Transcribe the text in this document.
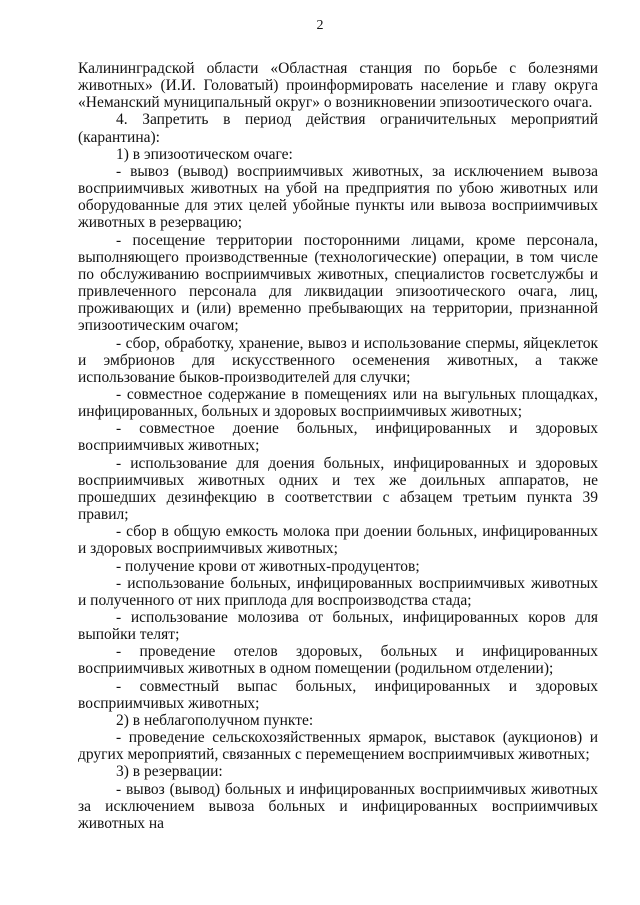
2

Калининградской области «Областная станция по борьбе с болезнями животных» (И.И. Головатый) проинформировать население и главу округа «Неманский муниципальный округ» о возникновении эпизоотического очага.

4. Запретить в период действия ограничительных мероприятий (карантина):

1) в эпизоотическом очаге:

- вывоз (вывод) восприимчивых животных, за исключением вывоза восприимчивых животных на убой на предприятия по убою животных или оборудованные для этих целей убойные пункты или вывоза восприимчивых животных в резервацию;

- посещение территории посторонними лицами, кроме персонала, выполняющего производственные (технологические) операции, в том числе по обслуживанию восприимчивых животных, специалистов госветслужбы и привлеченного персонала для ликвидации эпизоотического очага, лиц, проживающих и (или) временно пребывающих на территории, признанной эпизоотическим очагом;

- сбор, обработку, хранение, вывоз и использование спермы, яйцеклеток и эмбрионов для искусственного осеменения животных, а также использование быков-производителей для случки;

- совместное содержание в помещениях или на выгульных площадках, инфицированных, больных и здоровых восприимчивых животных;

- совместное доение больных, инфицированных и здоровых восприимчивых животных;

- использование для доения больных, инфицированных и здоровых восприимчивых животных одних и тех же доильных аппаратов, не прошедших дезинфекцию в соответствии с абзацем третьим пункта 39 правил;

- сбор в общую емкость молока при доении больных, инфицированных и здоровых восприимчивых животных;

- получение крови от животных-продуцентов;

- использование больных, инфицированных восприимчивых животных и полученного от них приплода для воспроизводства стада;

- использование молозива от больных, инфицированных коров для выпойки телят;

- проведение отелов здоровых, больных и инфицированных восприимчивых животных в одном помещении (родильном отделении);

- совместный выпас больных, инфицированных и здоровых восприимчивых животных;

2) в неблагополучном пункте:

- проведение сельскохозяйственных ярмарок, выставок (аукционов) и других мероприятий, связанных с перемещением восприимчивых животных;

3) в резервации:

- вывоз (вывод) больных и инфицированных восприимчивых животных за исключением вывоза больных и инфицированных восприимчивых животных на
